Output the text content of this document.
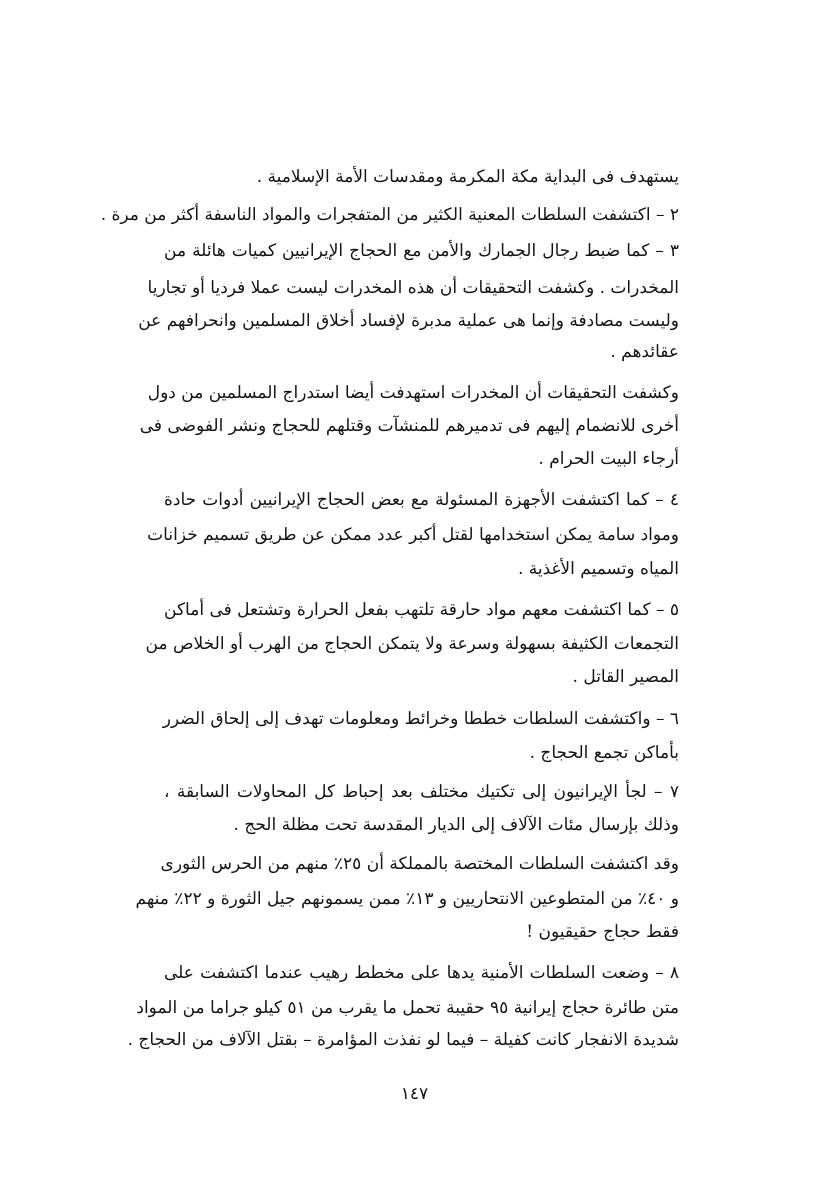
يستهدف فى البداية مكة المكرمة ومقدسات الأمة الإسلامية .
٢ – اكتشفت السلطات المعنية الكثير من المتفجرات والمواد الناسفة أكثر من مرة .
٣ – كما ضبط رجال الجمارك والأمن مع الحجاج الإيرانيين كميات هائلة من
المخدرات . وكشفت التحقيقات أن هذه المخدرات ليست عملا فرديا أو تجاريا
وليست مصادفة وإنما هى عملية مدبرة لإفساد أخلاق المسلمين وانحرافهم عن
عقائدهم .
وكشفت التحقيقات أن المخدرات استهدفت أيضا استدراج المسلمين من دول
أخرى للانضمام إليهم فى تدميرهم للمنشآت وقتلهم للحجاج ونشر الفوضى فى
أرجاء البيت الحرام .
٤ – كما اكتشفت الأجهزة المسئولة مع بعض الحجاج الإيرانيين أدوات حادة
ومواد سامة يمكن استخدامها لقتل أكبر عدد ممكن عن طريق تسميم خزانات
المياه وتسميم الأغذية .
٥ – كما اكتشفت معهم مواد حارقة تلتهب بفعل الحرارة وتشتعل فى أماكن
التجمعات الكثيفة بسهولة وسرعة ولا يتمكن الحجاج من الهرب أو الخلاص من
المصير القاتل .
٦ – واكتشفت السلطات خططا وخرائط ومعلومات تهدف إلى إلحاق الضرر
بأماكن تجمع الحجاج .
٧ – لجأ الإيرانيون إلى تكتيك مختلف بعد إحباط كل المحاولات السابقة ،
وذلك بإرسال مئات الآلاف إلى الديار المقدسة تحت مظلة الحج .
وقد اكتشفت السلطات المختصة بالمملكة أن ٢٥٪ منهم من الحرس الثورى
و ٤٠٪ من المتطوعين الانتحاريين و ١٣٪ ممن يسمونهم جيل الثورة و ٢٢٪ منهم
فقط حجاج حقيقيون !
٨ – وضعت السلطات الأمنية يدها على مخطط رهيب عندما اكتشفت على
متن طائرة حجاج إيرانية ٩٥ حقيبة تحمل ما يقرب من ٥١ كيلو جراما من المواد
شديدة الانفجار كانت كفيلة – فيما لو نفذت المؤامرة – بقتل الآلاف من الحجاج .
١٤٧
